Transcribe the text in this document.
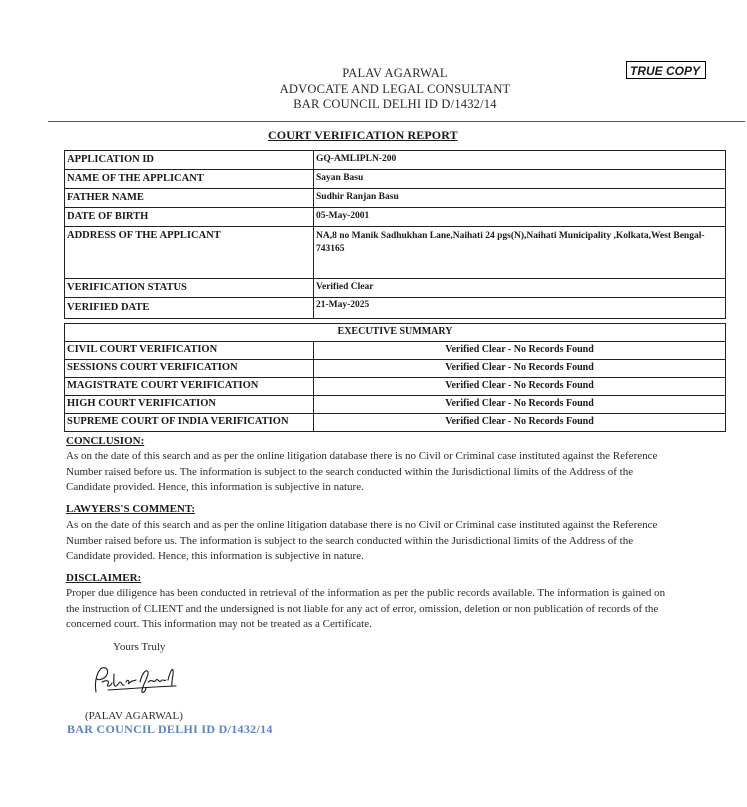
PALAV AGARWAL
ADVOCATE AND LEGAL CONSULTANT
BAR COUNCIL DELHI ID D/1432/14
TRUE COPY
COURT VERIFICATION REPORT
APPLICATION ID	GQ-AMLIPLN-200
NAME OF THE APPLICANT	Sayan Basu
FATHER NAME	Sudhir Ranjan Basu
DATE OF BIRTH	05-May-2001
ADDRESS OF THE APPLICANT	NA,8 no Manik Sadhukhan Lane,Naihati 24 pgs(N),Naihati Municipality ,Kolkata,West Bengal-743165
VERIFICATION STATUS	Verified Clear
VERIFIED DATE	21-May-2025
EXECUTIVE SUMMARY	
CIVIL COURT VERIFICATION	Verified Clear - No Records Found
SESSIONS COURT VERIFICATION	Verified Clear - No Records Found
MAGISTRATE COURT VERIFICATION	Verified Clear - No Records Found
HIGH COURT VERIFICATION	Verified Clear - No Records Found
SUPREME COURT OF INDIA VERIFICATION	Verified Clear - No Records Found
CONCLUSION:
As on the date of this search and as per the online litigation database there is no Civil or Criminal case instituted against the Reference
Number raised before us. The information is subject to the search conducted within the Jurisdictional limits of the Address of the
Candidate provided. Hence, this information is subjective in nature.
LAWYERS'S COMMENT:
As on the date of this search and as per the online litigation database there is no Civil or Criminal case instituted against the Reference
Number raised before us. The information is subject to the search conducted within the Jurisdictional limits of the Address of the
Candidate provided. Hence, this information is subjective in nature.
DISCLAIMER:
Proper due diligence has been conducted in retrieval of the information as per the public records available. The information is gained on
the instruction of CLIENT and the undersigned is not liable for any act of error, omission, deletion or non publication of records of the
concerned court. This information may not be treated as a Certificate.
Yours Truly
(PALAV AGARWAL)
BAR COUNCIL DELHI ID D/1432/14
